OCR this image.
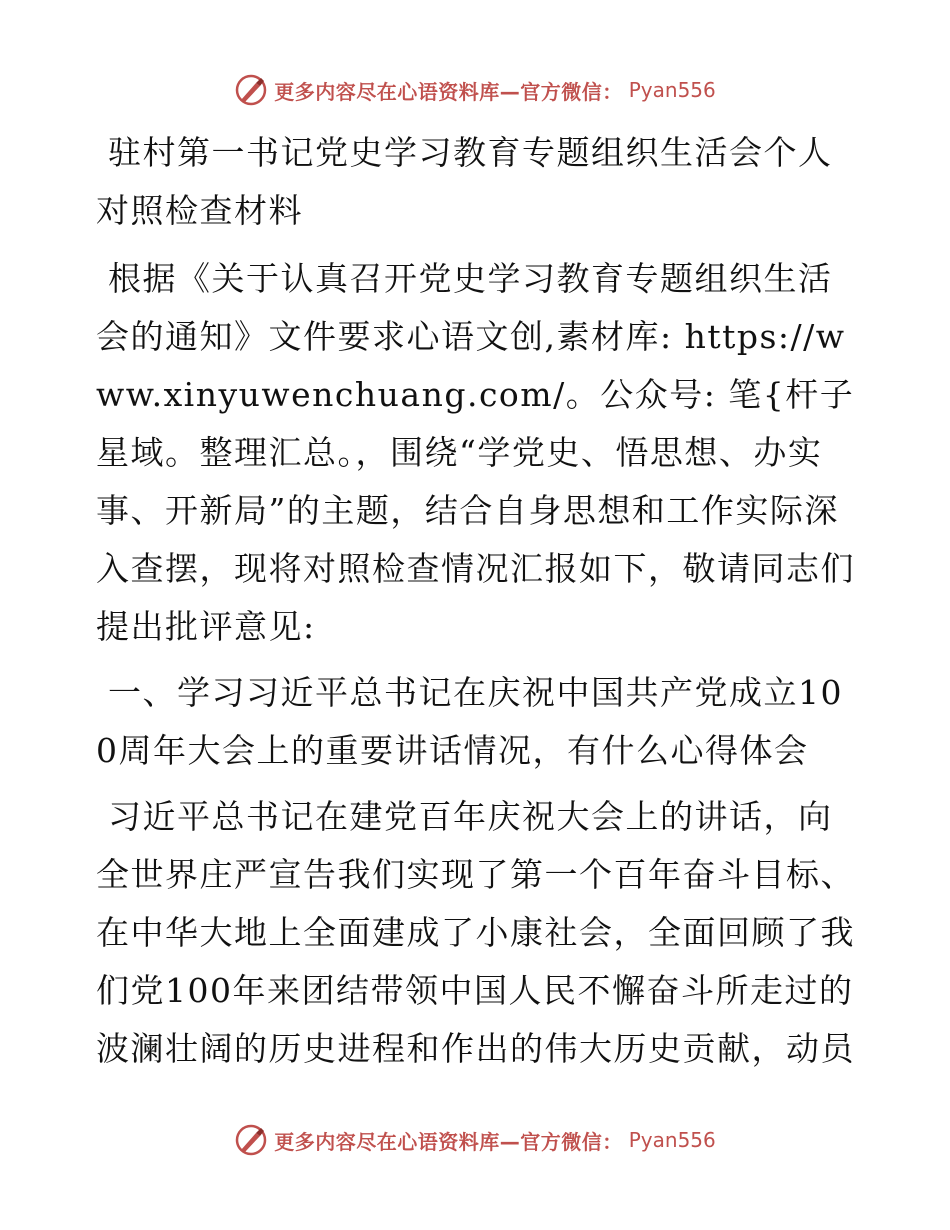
更多内容尽在心语资料库—官方微信： Pyan556

驻村第一书记党史学习教育专题组织生活会个人对照检查材料

根据《关于认真召开党史学习教育专题组织生活会的通知》文件要求心语文创,素材库: https://www.xinyuwenchuang.com/。公众号: 笔{杆子星域。整理汇总。，围绕“学党史、悟思想、办实事、开新局”的主题，结合自身思想和工作实际深入查摆，现将对照检查情况汇报如下，敬请同志们提出批评意见:

一、学习习近平总书记在庆祝中国共产党成立100周年大会上的重要讲话情况，有什么心得体会

习近平总书记在建党百年庆祝大会上的讲话，向全世界庄严宣告我们实现了第一个百年奋斗目标、在中华大地上全面建成了小康社会，全面回顾了我们党100年来团结带领中国人民不懈奋斗所走过的波澜壮阔的历史进程和作出的伟大历史贡献，动员

更多内容尽在心语资料库—官方微信： Pyan556
